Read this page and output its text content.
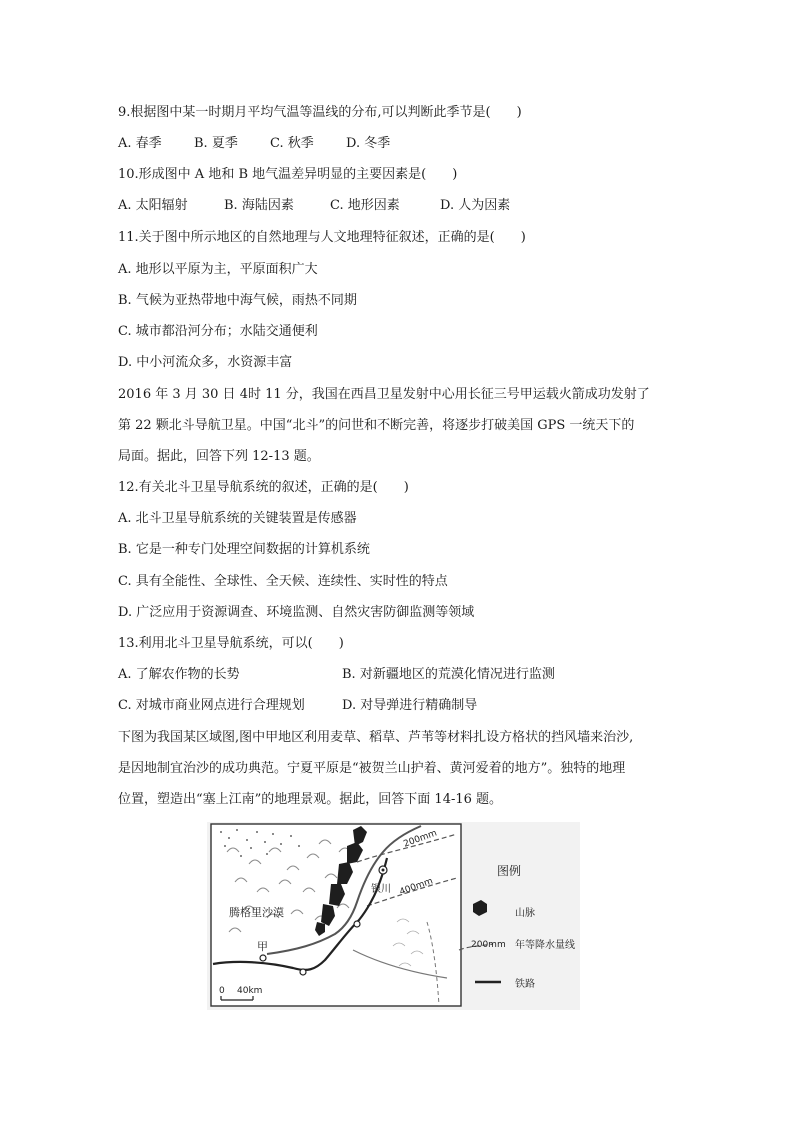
9.根据图中某一时期月平均气温等温线的分布,可以判断此季节是(　　)
A. 春季 B. 夏季 C. 秋季 D. 冬季
10.形成图中 A 地和 B 地气温差异明显的主要因素是(　　)
A. 太阳辐射	B. 海陆因素	C. 地形因素	D. 人为因素
11.关于图中所示地区的自然地理与人文地理特征叙述，正确的是(　　)
A. 地形以平原为主，平原面积广大
B. 气候为亚热带地中海气候，雨热不同期
C. 城市都沿河分布；水陆交通便利
D. 中小河流众多，水资源丰富
2016 年 3 月 30 日 4时 11 分，我国在西昌卫星发射中心用长征三号甲运载火箭成功发射了
第 22 颗北斗导航卫星。中国“北斗”的问世和不断完善，将逐步打破美国 GPS 一统天下的
局面。据此，回答下列 12-13 题。
12.有关北斗卫星导航系统的叙述，正确的是(　　)
A. 北斗卫星导航系统的关键装置是传感器
B. 它是一种专门处理空间数据的计算机系统
C. 具有全能性、全球性、全天候、连续性、实时性的特点
D. 广泛应用于资源调查、环境监测、自然灾害防御监测等领域
13.利用北斗卫星导航系统，可以(　　)
A. 了解农作物的长势	B. 对新疆地区的荒漠化情况进行监测
C. 对城市商业网点进行合理规划	D. 对导弹进行精确制导
下图为我国某区域图,图中甲地区利用麦草、稻草、芦苇等材料扎设方格状的挡风墙来治沙,
是因地制宜治沙的成功典范。宁夏平原是“被贺兰山护着、黄河爱着的地方”。独特的地理
位置，塑造出“塞上江南”的地理景观。据此，回答下面 14-16 题。
腾格里沙漠
甲
银川
200mm
400mm
0 40km
图例
山脉
200mm 年等降水量线
铁路
